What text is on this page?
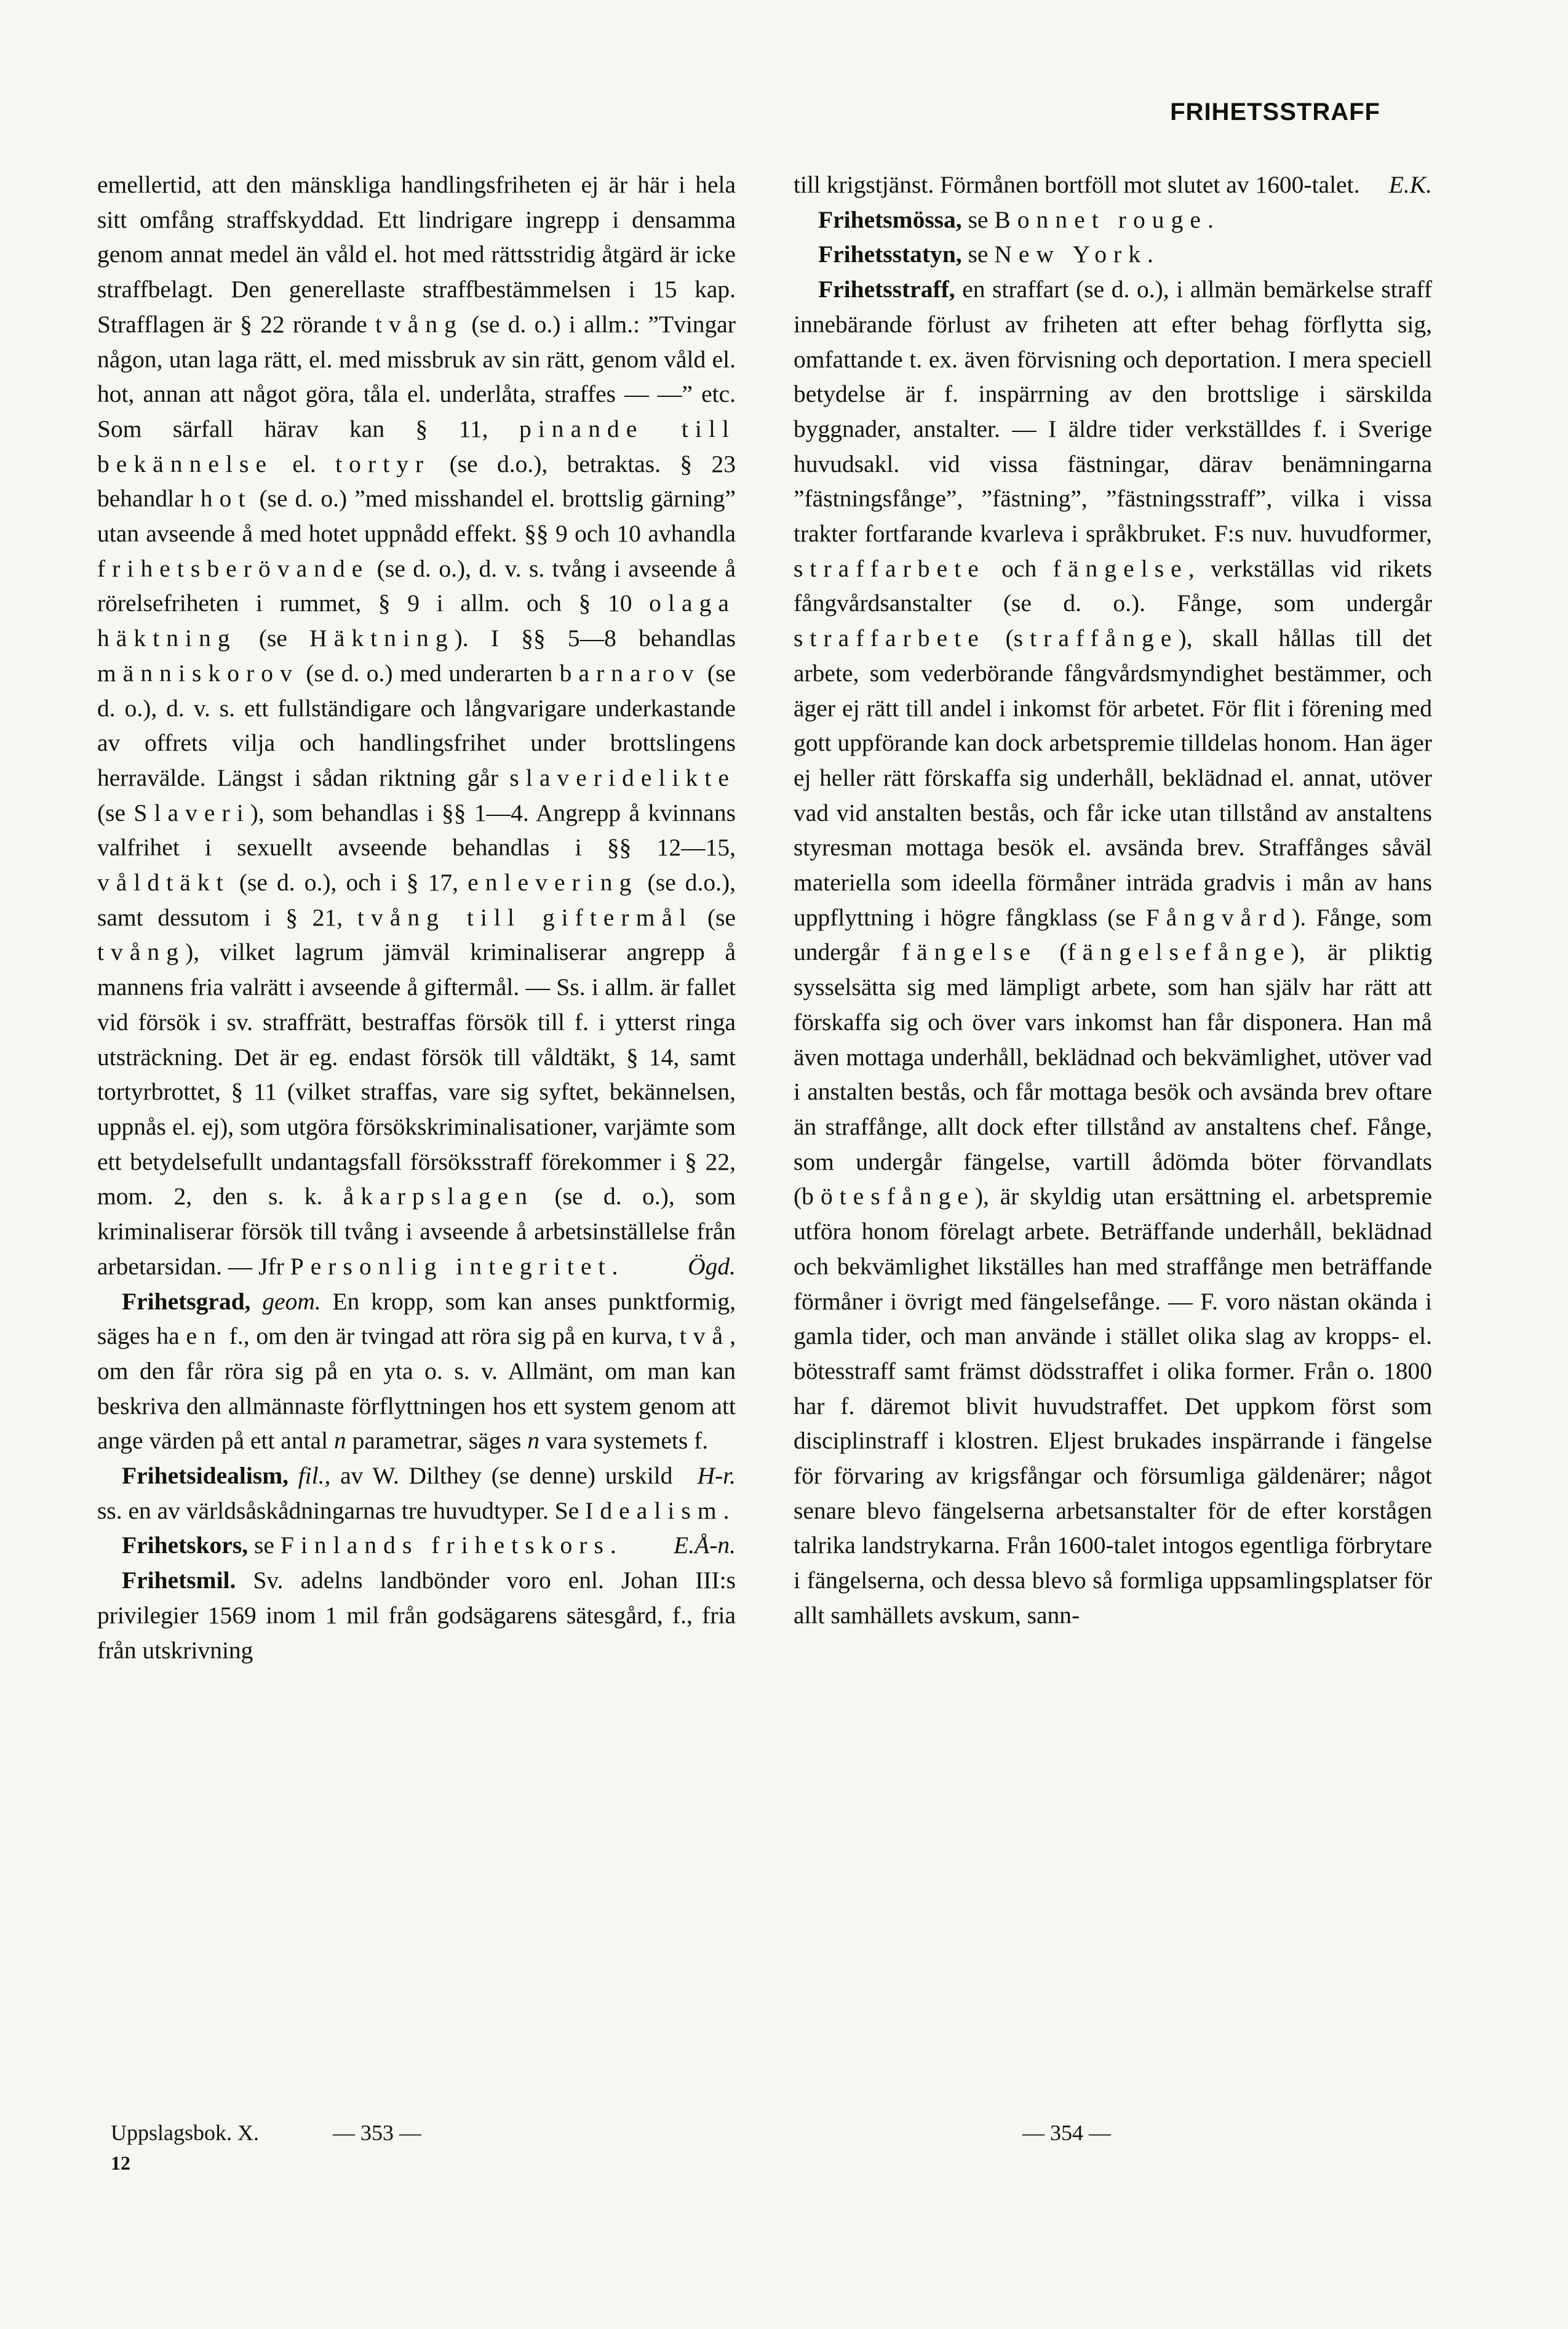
FRIHETSSTRAFF

emellertid, att den mänskliga handlingsfriheten ej är här i hela sitt omfång straffskyddad. Ett lindrigare ingrepp i densamma genom annat medel än våld el. hot med rättsstridig åtgärd är icke straffbelagt. Den generellaste straffbestämmelsen i 15 kap. Strafflagen är § 22 rörande tvång (se d. o.) i allm.: ”Tvingar någon, utan laga rätt, el. med missbruk av sin rätt, genom våld el. hot, annan att något göra, tåla el. underlåta, straffes — —” etc. Som särfall härav kan § 11, pinande till bekännelse el. tortyr (se d.o.), betraktas. § 23 behandlar hot (se d. o.) ”med misshandel el. brottslig gärning” utan avseende å med hotet uppnådd effekt. §§ 9 och 10 avhandla frihetsberövande (se d. o.), d. v. s. tvång i avseende å rörelsefriheten i rummet, § 9 i allm. och § 10 olaga häktning (se Häktning). I §§ 5—8 behandlas människorov (se d. o.) med underarten barnarov (se d. o.), d. v. s. ett fullständigare och långvarigare underkastande av offrets vilja och handlingsfrihet under brottslingens herravälde. Längst i sådan riktning går slaveridelikte (se Slaveri), som behandlas i §§ 1—4. Angrepp å kvinnans valfrihet i sexuellt avseende behandlas i §§ 12—15, våldtäkt (se d. o.), och i § 17, enlevering (se d.o.), samt dessutom i § 21, tvång till giftermål (se tvång), vilket lagrum jämväl kriminaliserar angrepp å mannens fria valrätt i avseende å giftermål. — Ss. i allm. är fallet vid försök i sv. straffrätt, bestraffas försök till f. i ytterst ringa utsträckning. Det är eg. endast försök till våldtäkt, § 14, samt tortyrbrottet, § 11 (vilket straffas, vare sig syftet, bekännelsen, uppnås el. ej), som utgöra försökskriminalisationer, varjämte som ett betydelsefullt undantagsfall försöksstraff förekommer i § 22, mom. 2, den s. k. åkarpslagen (se d. o.), som kriminaliserar försök till tvång i avseende å arbetsinställelse från arbetarsidan. — Jfr Personlig integritet.	Ögd.

Frihetsgrad, geom. En kropp, som kan anses punktformig, säges ha en f., om den är tvingad att röra sig på en kurva, två, om den får röra sig på en yta o. s. v. Allmänt, om man kan beskriva den allmännaste förflyttningen hos ett system genom att ange värden på ett antal n parametrar, säges n vara systemets f.
H-r.

Frihetsidealism, fil., av W. Dilthey (se denne) urskild ss. en av världsåskådningarnas tre huvudtyper. Se Idealism.
E.Å-n.

Frihetskors, se Finlands frihetskors.

Frihetsmil. Sv. adelns landbönder voro enl. Johan III:s privilegier 1569 inom 1 mil från godsägarens sätesgård, f., fria från utskrivning

till krigstjänst. Förmånen bortföll mot slutet av 1600-talet. E.K.

Frihetsmössa, se Bonnet rouge.

Frihetsstatyn, se New York.

Frihetsstraff, en straffart (se d. o.), i allmän bemärkelse straff innebärande förlust av friheten att efter behag förflytta sig, omfattande t. ex. även förvisning och deportation. I mera speciell betydelse är f. inspärrning av den brottslige i särskilda byggnader, anstalter. — I äldre tider verkställdes f. i Sverige huvudsakl. vid vissa fästningar, därav benämningarna ”fästningsfånge”, ”fästning”, ”fästningsstraff”, vilka i vissa trakter fortfarande kvarleva i språkbruket. F:s nuv. huvudformer, straffarbete och fängelse, verkställas vid rikets fångvårdsanstalter (se d. o.). Fånge, som undergår straffarbete (straffånge), skall hållas till det arbete, som vederbörande fångvårdsmyndighet bestämmer, och äger ej rätt till andel i inkomst för arbetet. För flit i förening med gott uppförande kan dock arbetspremie tilldelas honom. Han äger ej heller rätt förskaffa sig underhåll, beklädnad el. annat, utöver vad vid anstalten bestås, och får icke utan tillstånd av anstaltens styresman mottaga besök el. avsända brev. Straffånges såväl materiella som ideella förmåner inträda gradvis i mån av hans uppflyttning i högre fångklass (se Fångvård). Fånge, som undergår fängelse (fängelsefånge), är pliktig sysselsätta sig med lämpligt arbete, som han själv har rätt att förskaffa sig och över vars inkomst han får disponera. Han må även mottaga underhåll, beklädnad och bekvämlighet, utöver vad i anstalten bestås, och får mottaga besök och avsända brev oftare än straffånge, allt dock efter tillstånd av anstaltens chef. Fånge, som undergår fängelse, vartill ådömda böter förvandlats (bötesfånge), är skyldig utan ersättning el. arbetspremie utföra honom förelagt arbete. Beträffande underhåll, beklädnad och bekvämlighet likställes han med straffånge men beträffande förmåner i övrigt med fängelsefånge. — F. voro nästan okända i gamla tider, och man använde i stället olika slag av kropps- el. bötesstraff samt främst dödsstraffet i olika former. Från o. 1800 har f. däremot blivit huvudstraffet. Det uppkom först som disciplinstraff i klostren. Eljest brukades inspärrande i fängelse för förvaring av krigsfångar och försumliga gäldenärer; något senare blevo fängelserna arbetsanstalter för de efter korstågen talrika landstrykarna. Från 1600-talet intogos egentliga förbrytare i fängelserna, och dessa blevo så formliga uppsamlingsplatser för allt samhällets avskum, sann-

Uppslagsbok. X.	— 353 —
12
— 354 —
